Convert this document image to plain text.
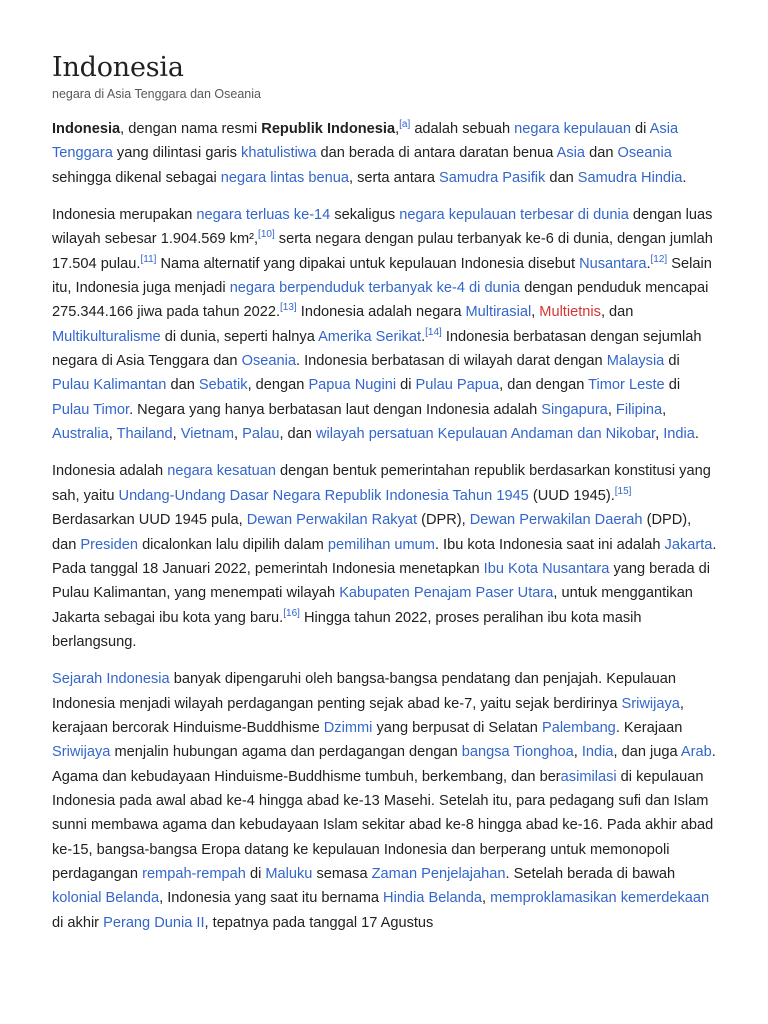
Indonesia

negara di Asia Tenggara dan Oseania

Indonesia, dengan nama resmi Republik Indonesia,[a] adalah sebuah negara kepulauan di Asia Tenggara yang dilintasi garis khatulistiwa dan berada di antara daratan benua Asia dan Oseania sehingga dikenal sebagai negara lintas benua, serta antara Samudra Pasifik dan Samudra Hindia.

Indonesia merupakan negara terluas ke-14 sekaligus negara kepulauan terbesar di dunia dengan luas wilayah sebesar 1.904.569 km²,[10] serta negara dengan pulau terbanyak ke-6 di dunia, dengan jumlah 17.504 pulau.[11] Nama alternatif yang dipakai untuk kepulauan Indonesia disebut Nusantara.[12] Selain itu, Indonesia juga menjadi negara berpenduduk terbanyak ke-4 di dunia dengan penduduk mencapai 275.344.166 jiwa pada tahun 2022.[13] Indonesia adalah negara Multirasial, Multietnis, dan Multikulturalisme di dunia, seperti halnya Amerika Serikat.[14] Indonesia berbatasan dengan sejumlah negara di Asia Tenggara dan Oseania. Indonesia berbatasan di wilayah darat dengan Malaysia di Pulau Kalimantan dan Sebatik, dengan Papua Nugini di Pulau Papua, dan dengan Timor Leste di Pulau Timor. Negara yang hanya berbatasan laut dengan Indonesia adalah Singapura, Filipina, Australia, Thailand, Vietnam, Palau, dan wilayah persatuan Kepulauan Andaman dan Nikobar, India.

Indonesia adalah negara kesatuan dengan bentuk pemerintahan republik berdasarkan konstitusi yang sah, yaitu Undang-Undang Dasar Negara Republik Indonesia Tahun 1945 (UUD 1945).[15] Berdasarkan UUD 1945 pula, Dewan Perwakilan Rakyat (DPR), Dewan Perwakilan Daerah (DPD), dan Presiden dicalonkan lalu dipilih dalam pemilihan umum. Ibu kota Indonesia saat ini adalah Jakarta. Pada tanggal 18 Januari 2022, pemerintah Indonesia menetapkan Ibu Kota Nusantara yang berada di Pulau Kalimantan, yang menempati wilayah Kabupaten Penajam Paser Utara, untuk menggantikan Jakarta sebagai ibu kota yang baru.[16] Hingga tahun 2022, proses peralihan ibu kota masih berlangsung.

Sejarah Indonesia banyak dipengaruhi oleh bangsa-bangsa pendatang dan penjajah. Kepulauan Indonesia menjadi wilayah perdagangan penting sejak abad ke-7, yaitu sejak berdirinya Sriwijaya, kerajaan bercorak Hinduisme-Buddhisme Dzimmi yang berpusat di Selatan Palembang. Kerajaan Sriwijaya menjalin hubungan agama dan perdagangan dengan bangsa Tionghoa, India, dan juga Arab. Agama dan kebudayaan Hinduisme-Buddhisme tumbuh, berkembang, dan berasimilasi di kepulauan Indonesia pada awal abad ke-4 hingga abad ke-13 Masehi. Setelah itu, para pedagang sufi dan Islam sunni membawa agama dan kebudayaan Islam sekitar abad ke-8 hingga abad ke-16. Pada akhir abad ke-15, bangsa-bangsa Eropa datang ke kepulauan Indonesia dan berperang untuk memonopoli perdagangan rempah-rempah di Maluku semasa Zaman Penjelajahan. Setelah berada di bawah kolonial Belanda, Indonesia yang saat itu bernama Hindia Belanda, memproklamasikan kemerdekaan di akhir Perang Dunia II, tepatnya pada tanggal 17 Agustus
